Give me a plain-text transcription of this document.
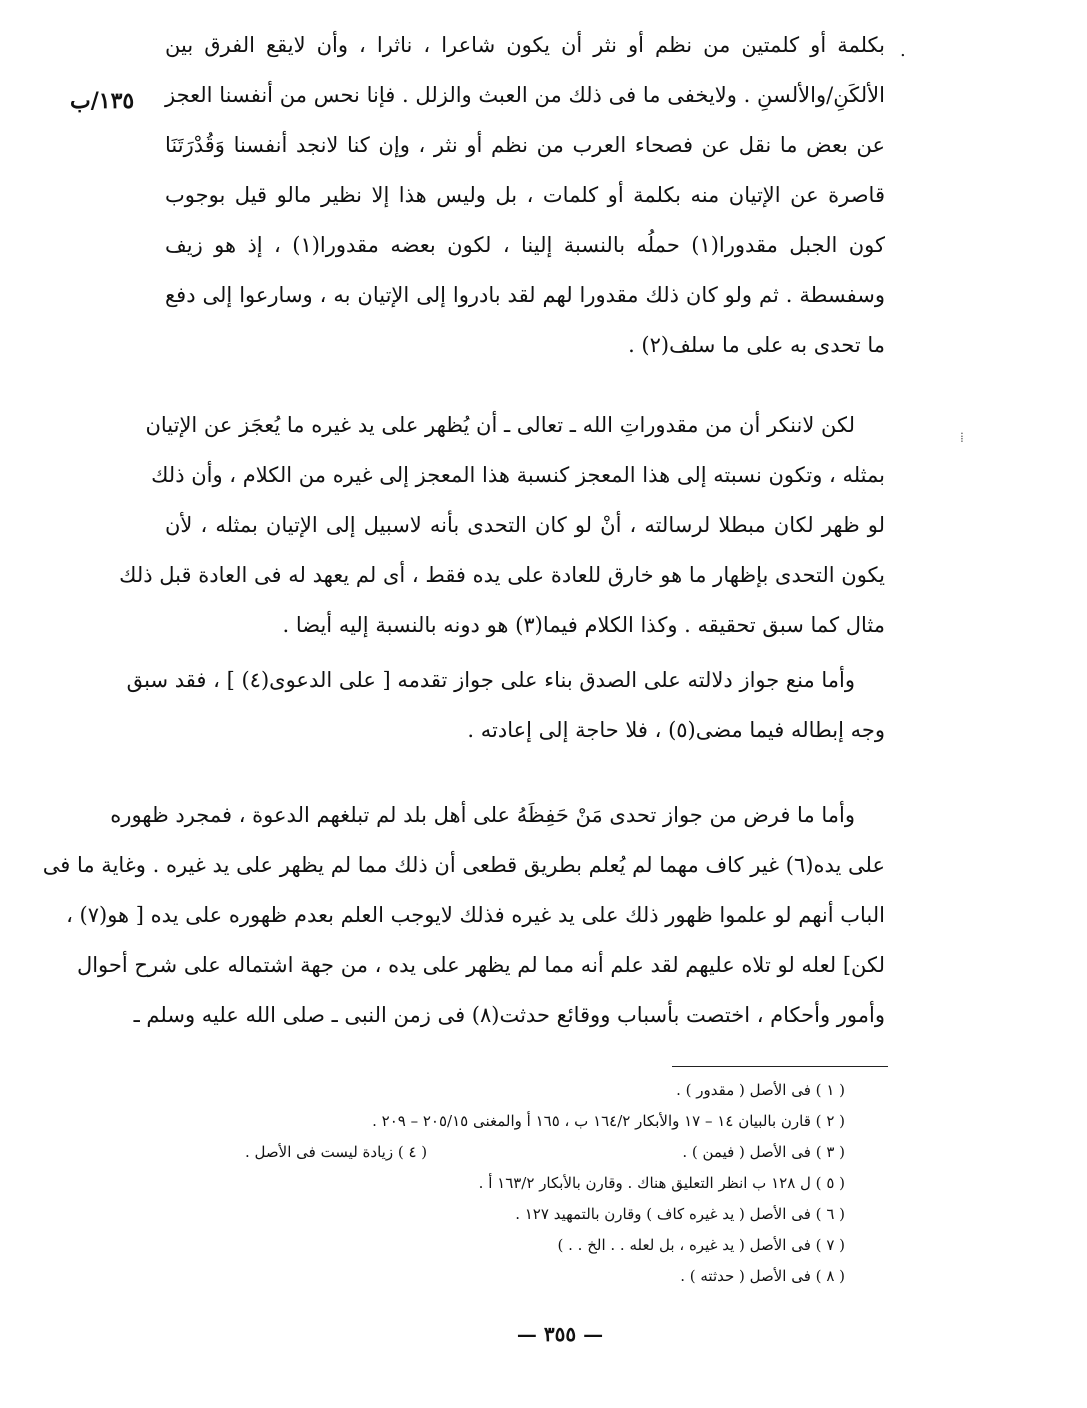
.
١٣٥/ب
بكلمة أو كلمتين من نظم أو نثر أن يكون شاعرا ، ناثرا ، وأن لايقع الفرق بين
الألكَنِ/والألسنِ . ولايخفى ما فى ذلك من العبث والزلل . فإنا نحس من أنفسنا العجز
عن بعض ما نقل عن فصحاء العرب من نظم أو نثر ، وإن كنا لانجد أنفسنا وَقُدْرَتَنَا
قاصرة عن الإتيان منه بكلمة أو كلمات ، بل وليس هذا إلا نظير مالو قيل بوجوب
كون الجبل مقدورا(١) حملُه بالنسبة إلينا ، لكون بعضه مقدورا(١) ، إذ هو زيف
وسفسطة . ثم ولو كان ذلك مقدورا لهم لقد بادروا إلى الإتيان به ، وسارعوا إلى دفع
ما تحدى به على ما سلف(٢) .
⁞
لكن لاننكر أن من مقدوراتِ الله ـ تعالى ـ أن يُظهر على يد غيره ما يُعجَز عن الإتيان
بمثله ، وتكون نسبته إلى هذا المعجز كنسبة هذا المعجز إلى غيره من الكلام ، وأن ذلك
لو ظهر لكان مبطلا لرسالته ، أنْ لو كان التحدى بأنه لاسبيل إلى الإتيان بمثله ، لأن
يكون التحدى بإظهار ما هو خارق للعادة على يده فقط ، أى لم يعهد له فى العادة قبل ذلك
مثال كما سبق تحقيقه . وكذا الكلام فيما(٣) هو دونه بالنسبة إليه أيضا .
وأما منع جواز دلالته على الصدق بناء على جواز تقدمه [ على الدعوى(٤) ] ، فقد سبق
وجه إبطاله فيما مضى(٥) ، فلا حاجة إلى إعادته .
وأما ما فرض من جواز تحدى مَنْ حَفِظَهُ على أهل بلد لم تبلغهم الدعوة ، فمجرد ظهوره
على يده(٦) غير كاف مهما لم يُعلم بطريق قطعى أن ذلك مما لم يظهر على يد غيره . وغاية ما فى
الباب أنهم لو علموا ظهور ذلك على يد غيره فذلك لايوجب العلم بعدم ظهوره على يده [ هو(٧) ،
لكن] لعله لو تلاه عليهم لقد علم أنه مما لم يظهر على يده ، من جهة اشتماله على شرح أحوال
وأمور وأحكام ، اختصت بأسباب ووقائع حدثت(٨) فى زمن النبى ـ صلى الله عليه وسلم ـ
( ١ ) فى الأصل ( مقدور ) .
( ٢ ) قارن بالبيان ١٤ – ١٧ والأبكار ١٦٤/٢ ب ، ١٦٥ أ والمغنى ٢٠٥/١٥ – ٢٠٩ .
( ٣ ) فى الأصل ( فيمن ) .
( ٤ ) زيادة ليست فى الأصل .
( ٥ ) ل ١٢٨ ب انظر التعليق هناك . وقارن بالأبكار ١٦٣/٢ أ .
( ٦ ) فى الأصل ( يد غيره كاف ) وقارن بالتمهيد ١٢٧ .
( ٧ ) فى الأصل ( يد غيره ، بل لعله . . الخ . . )
( ٨ ) فى الأصل ( حدثته ) .
— ٣٥٥ —
